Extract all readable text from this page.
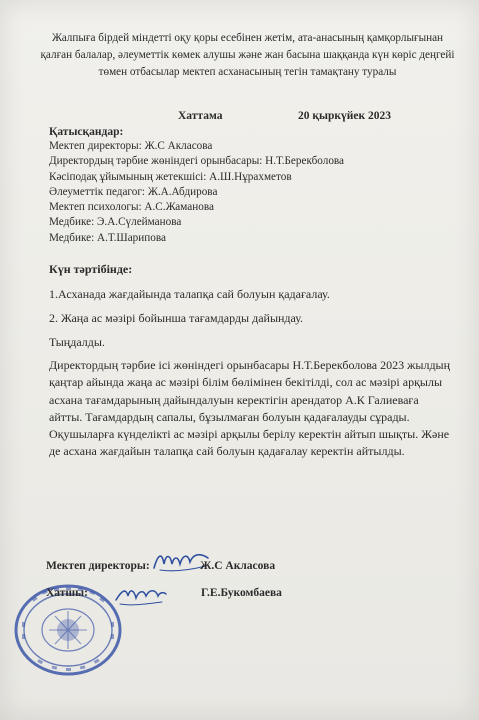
Жалпыға бірдей міндетті оқу қоры есебінен жетім, ата-анасының қамқорлығынан қалған балалар, әлеуметтік көмек алушы және жан басына шаққанда күн көріс деңгейі төмен отбасылар мектеп асханасының тегін тамақтану туралы
Хаттама	20 қыркүйек 2023
Қатысқандар:
Мектеп директоры: Ж.С Акласова
Директордың тәрбие жөніндегі орынбасары: Н.Т.Берекболова
Кәсіподақ ұйымының жетекшісі: А.Ш.Нұрахметов
Әлеуметтік педагог: Ж.А.Абдирова
Мектеп психологы: А.С.Жаманова
Медбике: Э.А.Сүлейманова
Медбике: А.Т.Шарипова
Күн тәртібінде:
1.Асханада жағдайында талапқа сай болуын қадағалау.
2. Жаңа ас мәзірі бойынша тағамдарды дайындау.
Тыңдалды.
Директордың тәрбие ісі жөніндегі орынбасары Н.Т.Берекболова 2023 жылдың қаңтар айында жаңа ас мәзірі білім бөлімінен бекітілді, сол ас мәзірі арқылы асхана тағамдарының дайындалуын керектігін арендатор А.К Галиеваға айтты. Тағамдардың сапалы, бұзылмаған болуын қадағалауды сұрады. Оқушыларға күнделікті ас мәзірі арқылы берілу керектін айтып шықты. Және де асхана жағдайын талапқа сай болуын қадағалау керектін айтылды.
Мектеп директоры:	Ж.С Акласова
Хатшы:	Г.Е.Букомбаева
